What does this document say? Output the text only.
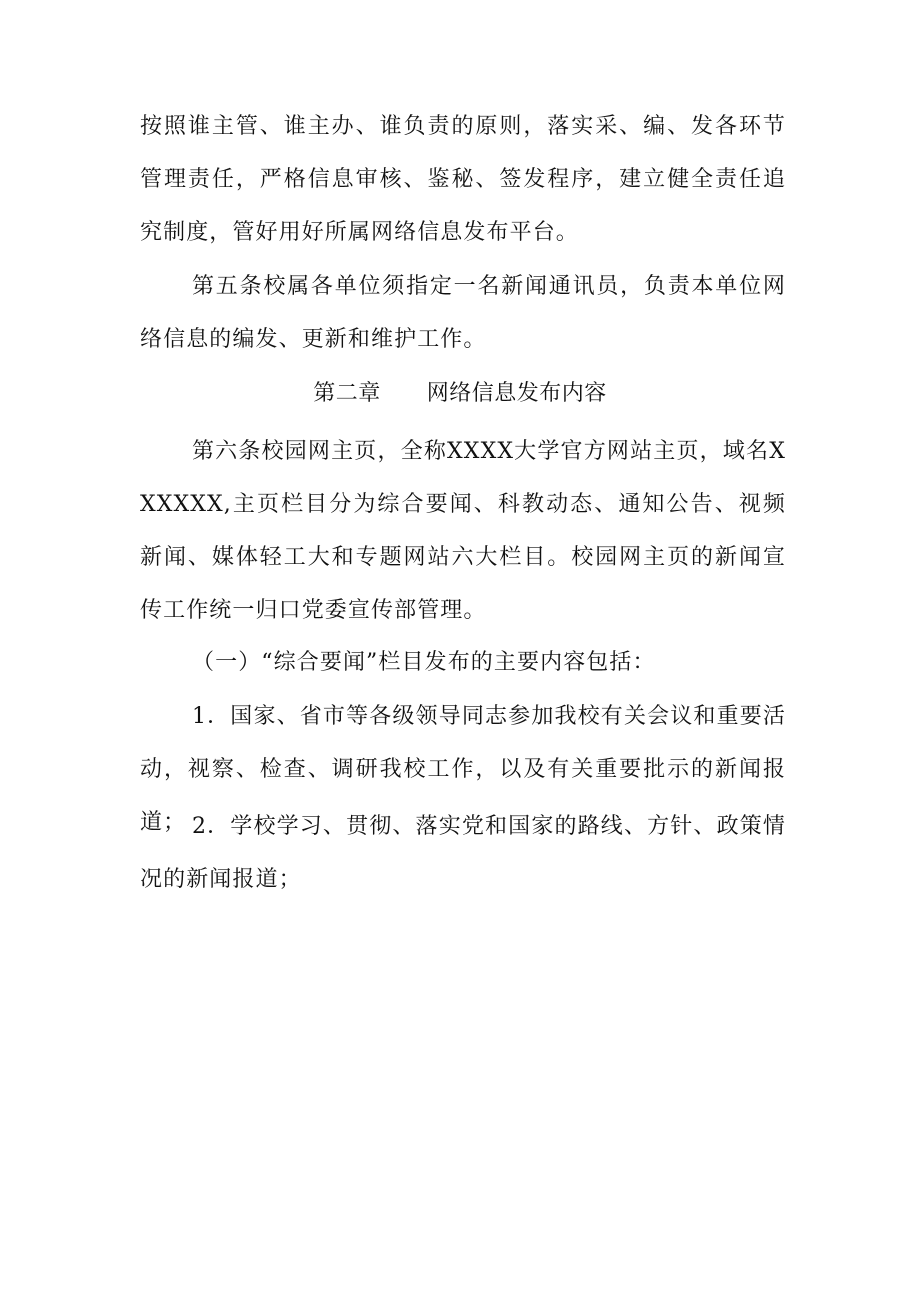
按照谁主管、谁主办、谁负责的原则，落实采、编、发各环节管理责任，严格信息审核、鉴秘、签发程序，建立健全责任追究制度，管好用好所属网络信息发布平台。

第五条校属各单位须指定一名新闻通讯员，负责本单位网络信息的编发、更新和维护工作。

第二章 网络信息发布内容

第六条校园网主页，全称XXXX大学官方网站主页，域名XXXXXX,主页栏目分为综合要闻、科教动态、通知公告、视频新闻、媒体轻工大和专题网站六大栏目。校园网主页的新闻宣传工作统一归口党委宣传部管理。

（一）“综合要闻”栏目发布的主要内容包括：

1．国家、省市等各级领导同志参加我校有关会议和重要活动，视察、检查、调研我校工作，以及有关重要批示的新闻报道； 2．学校学习、贯彻、落实党和国家的路线、方针、政策情况的新闻报道；
